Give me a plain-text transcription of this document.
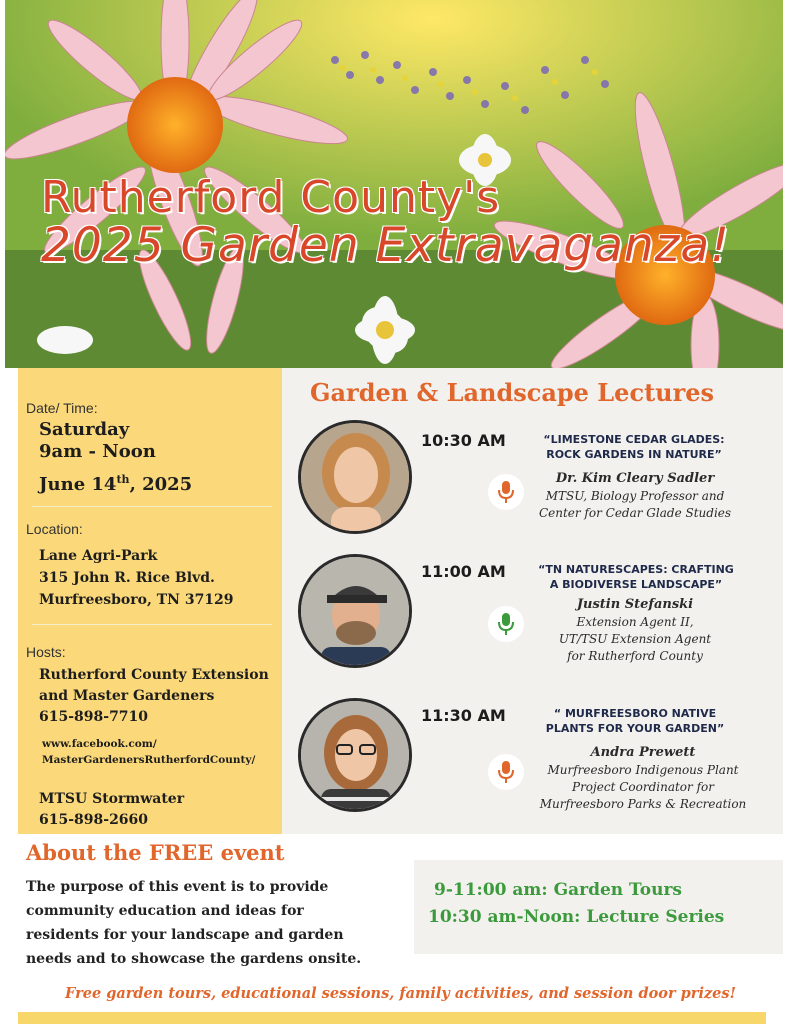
Rutherford County's
2025 Garden Extravaganza!
Date/ Time:
Saturday
9am - Noon
June 14th, 2025
Location:
Lane Agri-Park
315 John R. Rice Blvd.
Murfreesboro, TN 37129
Hosts:
Rutherford County Extension
and Master Gardeners
615-898-7710
www.facebook.com/
MasterGardenersRutherfordCounty/
MTSU Stormwater
615-898-2660
Garden & Landscape Lectures
10:30 AM	“LIMESTONE CEDAR GLADES:
ROCK GARDENS IN NATURE”
Dr. Kim Cleary Sadler
MTSU, Biology Professor and
Center for Cedar Glade Studies
11:00 AM	“TN NATURESCAPES: CRAFTING
A BIODIVERSE LANDSCAPE”
Justin Stefanski
Extension Agent II,
UT/TSU Extension Agent
for Rutherford County
11:30 AM	“ MURFREESBORO NATIVE
PLANTS FOR YOUR GARDEN”
Andra Prewett
Murfreesboro Indigenous Plant
Project Coordinator for
Murfreesboro Parks & Recreation
About the FREE event
The purpose of this event is to provide
community education and ideas for
residents for your landscape and garden
needs and to showcase the gardens onsite.
9-11:00 am: Garden Tours
10:30 am-Noon: Lecture Series
Free garden tours, educational sessions, family activities, and session door prizes!
